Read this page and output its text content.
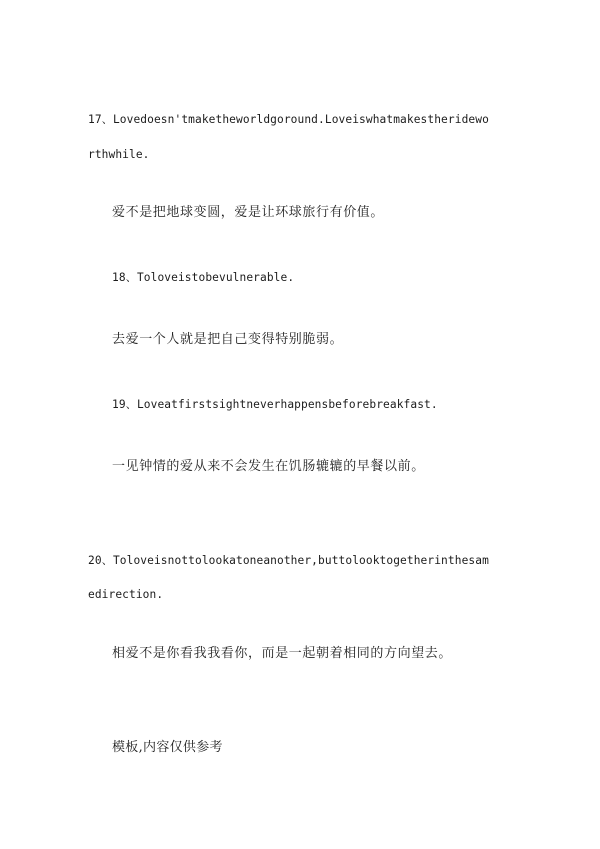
17、Lovedoesn'tmaketheworldgoround.Loveiswhatmakestheridewo
rthwhile.
爱不是把地球变圆，爱是让环球旅行有价值。
18、Toloveistobevulnerable.
去爱一个人就是把自己变得特别脆弱。
19、Loveatfirstsightneverhappensbeforebreakfast.
一见钟情的爱从来不会发生在饥肠辘辘的早餐以前。
20、Toloveisnottolookatoneanother,buttolooktogetherinthesam
edirection.
相爱不是你看我我看你，而是一起朝着相同的方向望去。
模板,内容仅供参考
